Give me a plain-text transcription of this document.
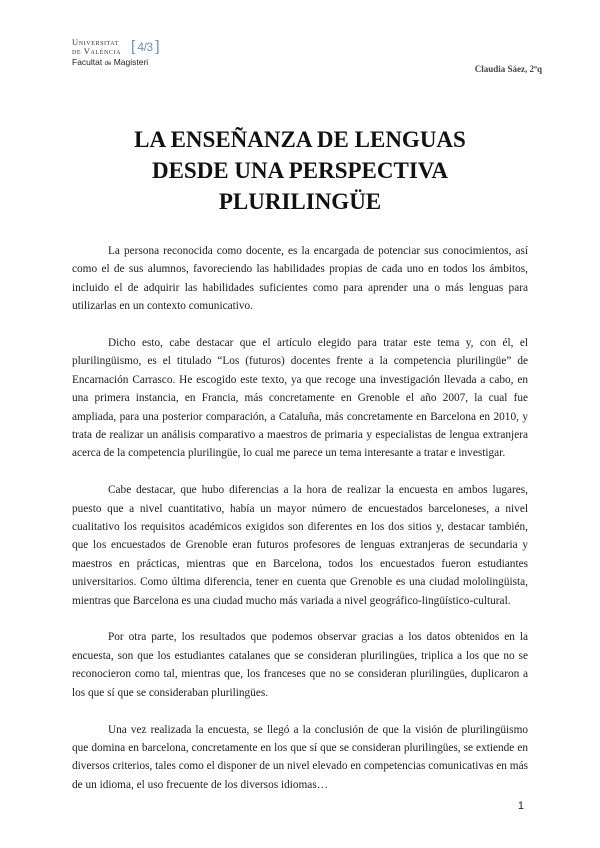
Universitat
de València
[	4/3 ]
Facultat de Magisteri
Claudia Sáez, 2ºq
LA ENSEÑANZA DE LENGUAS
DESDE UNA PERSPECTIVA
PLURILINGÜE

La persona reconocida como docente, es la encargada de potenciar sus conocimientos, así como el de sus alumnos, favoreciendo las habilidades propias de cada uno en todos los ámbitos, incluido el de adquirir las habilidades suficientes como para aprender una o más lenguas para utilizarlas en un contexto comunicativo.

Dicho esto, cabe destacar que el artículo elegido para tratar este tema y, con él, el plurilingüismo, es el titulado “Los (futuros) docentes frente a la competencia plurilingüe” de Encarnación Carrasco. He escogido este texto, ya que recoge una investigación llevada a cabo, en una primera instancia, en Francia, más concretamente en Grenoble el año 2007, la cual fue ampliada, para una posterior comparación, a Cataluña, más concretamente en Barcelona en 2010, y trata de realizar un análisis comparativo a maestros de primaria y especialistas de lengua extranjera acerca de la competencia plurilingüe, lo cual me parece un tema interesante a tratar e investigar.

Cabe destacar, que hubo diferencias a la hora de realizar la encuesta en ambos lugares, puesto que a nivel cuantitativo, había un mayor número de encuestados barceloneses, a nivel cualitativo los requisitos académicos exigidos son diferentes en los dos sitios y, destacar también, que los encuestados de Grenoble eran futuros profesores de lenguas extranjeras de secundaria y maestros en prácticas, mientras que en Barcelona, todos los encuestados fueron estudiantes universitarios. Como última diferencia, tener en cuenta que Grenoble es una ciudad mololingüista, mientras que Barcelona es una ciudad mucho más variada a nivel geográfico-lingüístico-cultural.

Por otra parte, los resultados que podemos observar gracias a los datos obtenidos en la encuesta, son que los estudiantes catalanes que se consideran plurilingües, triplica a los que no se reconocieron como tal, mientras que, los franceses que no se consideran plurilingües, duplicaron a los que sí que se consideraban plurilingües.

Una vez realizada la encuesta, se llegó a la conclusión de que la visión de plurilingüismo que domina en barcelona, concretamente en los que sí que se consideran plurilingües, se extiende en diversos criterios, tales como el disponer de un nivel elevado en competencias comunicativas en más de un idioma, el uso frecuente de los diversos idiomas…

1
